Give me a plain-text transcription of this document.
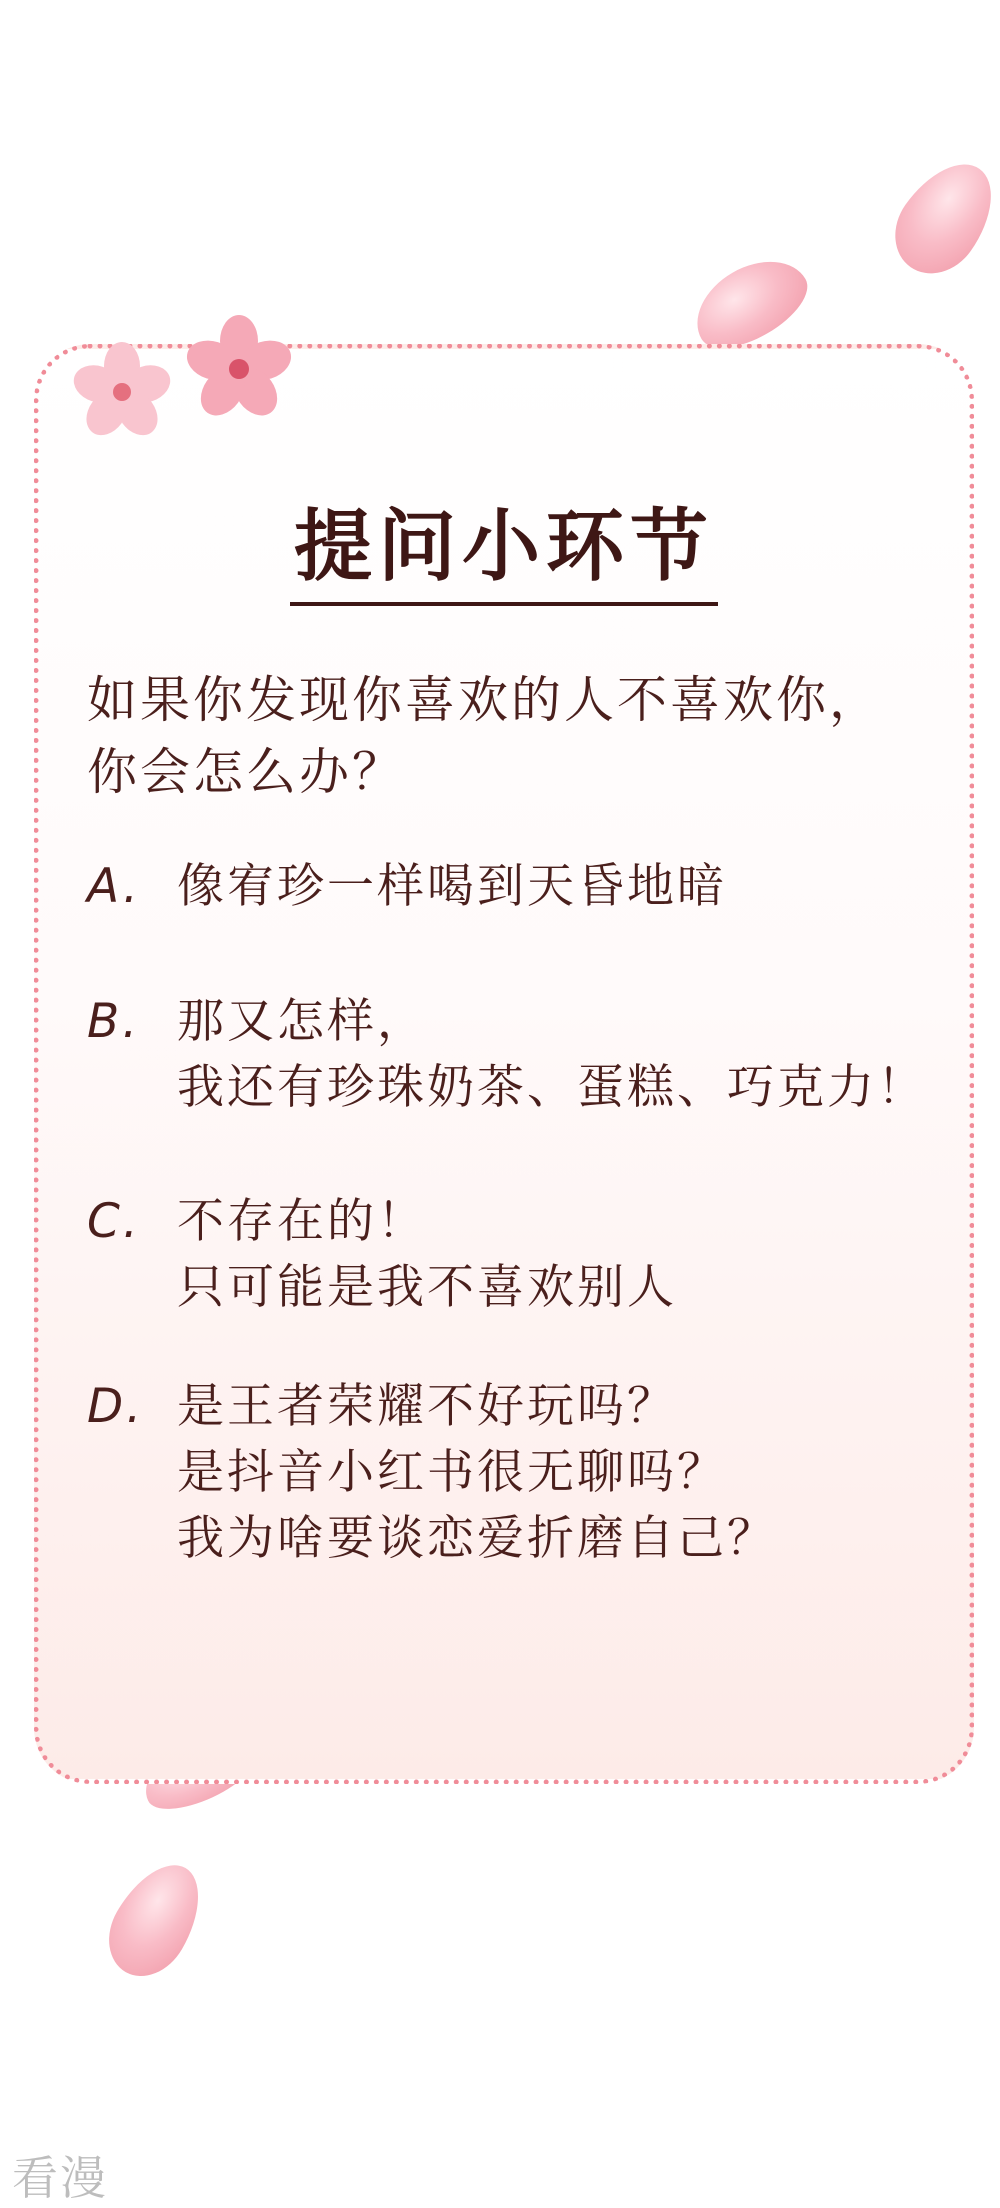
提问小环节
如果你发现你喜欢的人不喜欢你，
你会怎么办？
A. 像宥珍一样喝到天昏地暗
B. 那又怎样，
我还有珍珠奶茶、蛋糕、巧克力！
C. 不存在的！
只可能是我不喜欢别人
D. 是王者荣耀不好玩吗？
是抖音小红书很无聊吗？
我为啥要谈恋爱折磨自己？
看漫
